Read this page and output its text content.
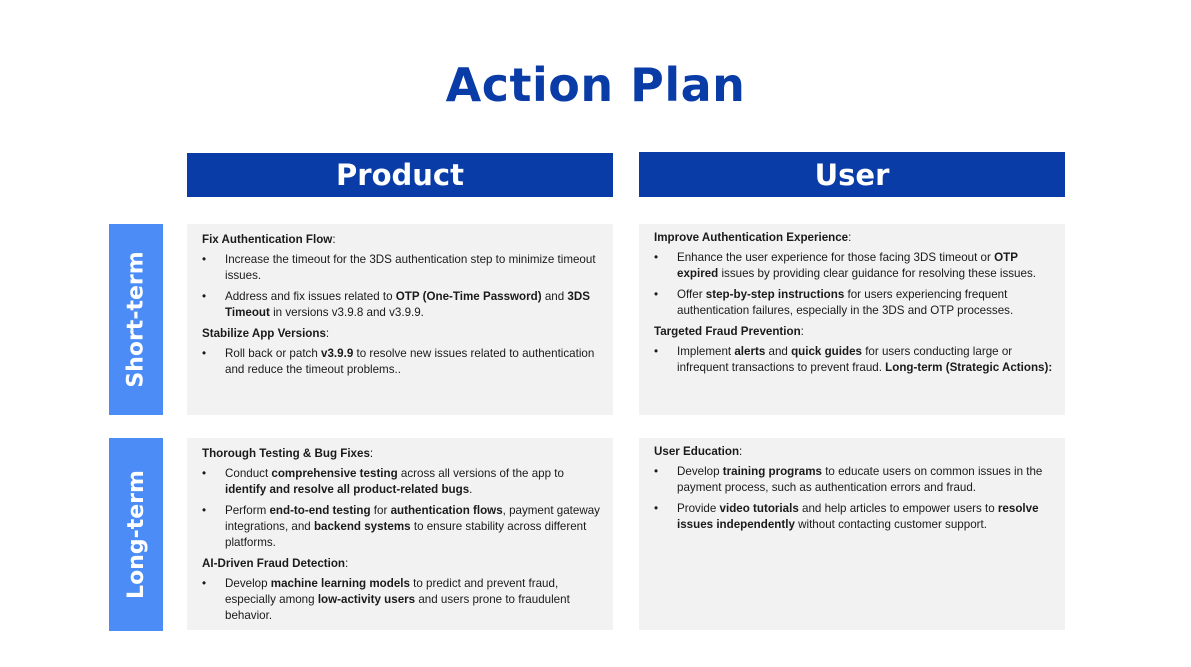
Action Plan
Product	User
Short-term
Long-term
Fix Authentication Flow:
• Increase the timeout for the 3DS authentication step to minimize timeout issues.
• Address and fix issues related to OTP (One-Time Password) and 3DS Timeout in versions v3.9.8 and v3.9.9.
Stabilize App Versions:
• Roll back or patch v3.9.9 to resolve new issues related to authentication and reduce the timeout problems..
Improve Authentication Experience:
• Enhance the user experience for those facing 3DS timeout or OTP expired issues by providing clear guidance for resolving these issues.
• Offer step-by-step instructions for users experiencing frequent authentication failures, especially in the 3DS and OTP processes.
Targeted Fraud Prevention:
• Implement alerts and quick guides for users conducting large or infrequent transactions to prevent fraud. Long-term (Strategic Actions):
Thorough Testing & Bug Fixes:
• Conduct comprehensive testing across all versions of the app to identify and resolve all product-related bugs.
• Perform end-to-end testing for authentication flows, payment gateway integrations, and backend systems to ensure stability across different platforms.
AI-Driven Fraud Detection:
• Develop machine learning models to predict and prevent fraud, especially among low-activity users and users prone to fraudulent behavior.
User Education:
• Develop training programs to educate users on common issues in the payment process, such as authentication errors and fraud.
• Provide video tutorials and help articles to empower users to resolve issues independently without contacting customer support.
